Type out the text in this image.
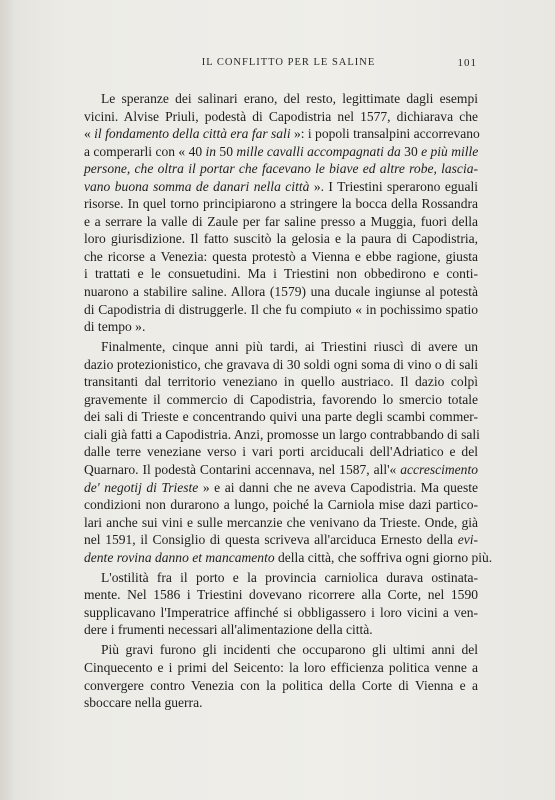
IL CONFLITTO PER LE SALINE	101

Le speranze dei salinari erano, del resto, legittimate dagli esempi
vicini. Alvise Priuli, podestà di Capodistria nel 1577, dichiarava che
« il fondamento della città era far sali »: i popoli transalpini accorrevano
a comperarli con « 40 in 50 mille cavalli accompagnati da 30 e più mille
persone, che oltra il portar che facevano le biave ed altre robe, lascia-
vano buona somma de danari nella città ». I Triestini sperarono eguali
risorse. In quel torno principiarono a stringere la bocca della Rossandra
e a serrare la valle di Zaule per far saline presso a Muggia, fuori della
loro giurisdizione. Il fatto suscitò la gelosia e la paura di Capodistria,
che ricorse a Venezia: questa protestò a Vienna e ebbe ragione, giusta
i trattati e le consuetudini. Ma i Triestini non obbedirono e conti-
nuarono a stabilire saline. Allora (1579) una ducale ingiunse al potestà
di Capodistria di distruggerle. Il che fu compiuto « in pochissimo spatio
di tempo ».

Finalmente, cinque anni più tardi, ai Triestini riuscì di avere un
dazio protezionistico, che gravava di 30 soldi ogni soma di vino o di sali
transitanti dal territorio veneziano in quello austriaco. Il dazio colpì
gravemente il commercio di Capodistria, favorendo lo smercio totale
dei sali di Trieste e concentrando quivi una parte degli scambi commer-
ciali già fatti a Capodistria. Anzi, promosse un largo contrabbando di sali
dalle terre veneziane verso i vari porti arciducali dell'Adriatico e del
Quarnaro. Il podestà Contarini accennava, nel 1587, all'« accrescimento
de' negotij di Trieste » e ai danni che ne aveva Capodistria. Ma queste
condizioni non durarono a lungo, poiché la Carniola mise dazi partico-
lari anche sui vini e sulle mercanzie che venivano da Trieste. Onde, già
nel 1591, il Consiglio di questa scriveva all'arciduca Ernesto della evi-
dente rovina danno et mancamento della città, che soffriva ogni giorno più.

L'ostilità fra il porto e la provincia carniolica durava ostinata-
mente. Nel 1586 i Triestini dovevano ricorrere alla Corte, nel 1590
supplicavano l'Imperatrice affinché si obbligassero i loro vicini a ven-
dere i frumenti necessari all'alimentazione della città.

Più gravi furono gli incidenti che occuparono gli ultimi anni del
Cinquecento e i primi del Seicento: la loro efficienza politica venne a
convergere contro Venezia con la politica della Corte di Vienna e a
sboccare nella guerra.
